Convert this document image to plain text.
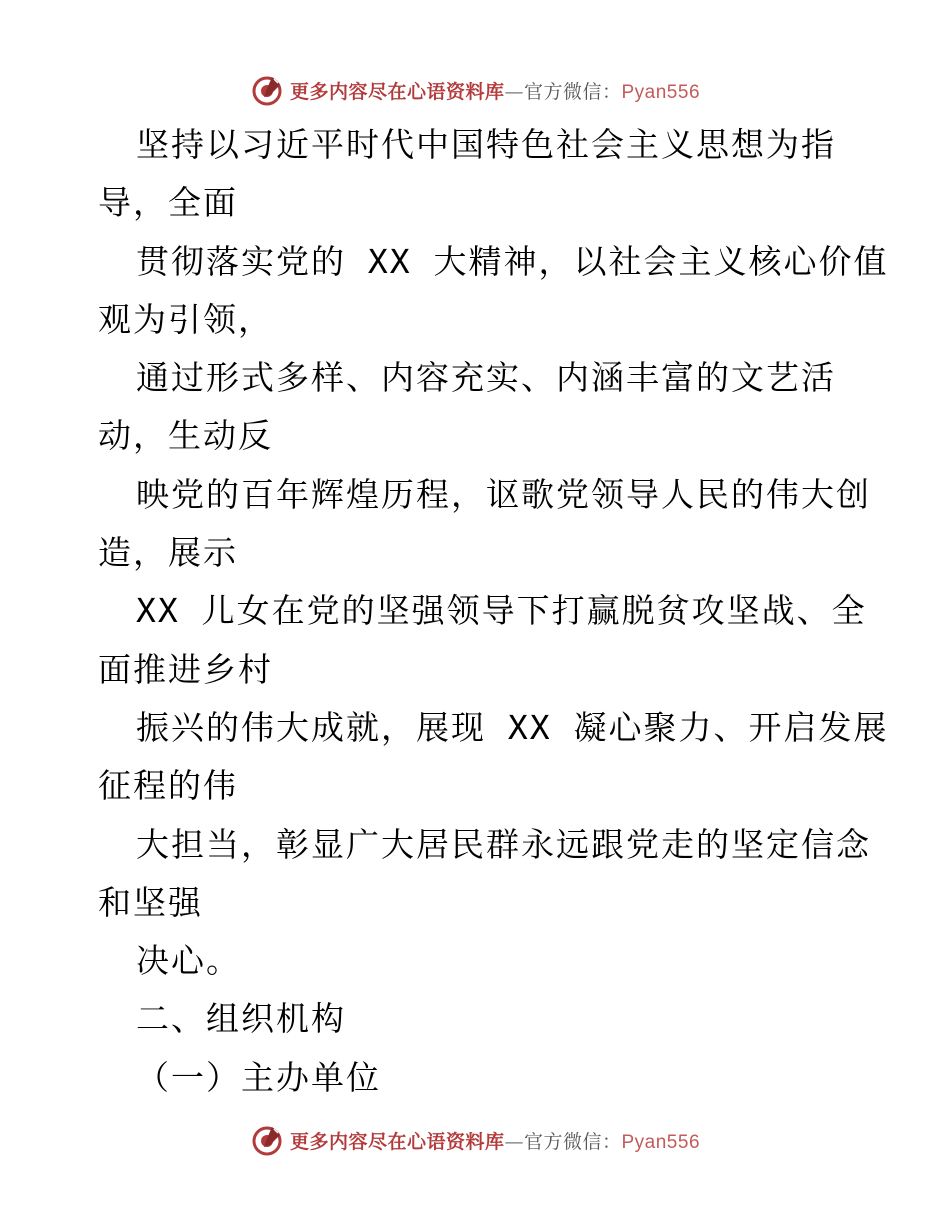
更多内容尽在心语资料库—官方微信：Pyan556
坚持以习近平时代中国特色社会主义思想为指
导，全面
贯彻落实党的 XX 大精神，以社会主义核心价值
观为引领，
通过形式多样、内容充实、内涵丰富的文艺活
动，生动反
映党的百年辉煌历程，讴歌党领导人民的伟大创
造，展示
XX 儿女在党的坚强领导下打赢脱贫攻坚战、全
面推进乡村
振兴的伟大成就，展现 XX 凝心聚力、开启发展
征程的伟
大担当，彰显广大居民群永远跟党走的坚定信念
和坚强
决心。
二、组织机构
（一）主办单位
更多内容尽在心语资料库—官方微信：Pyan556
